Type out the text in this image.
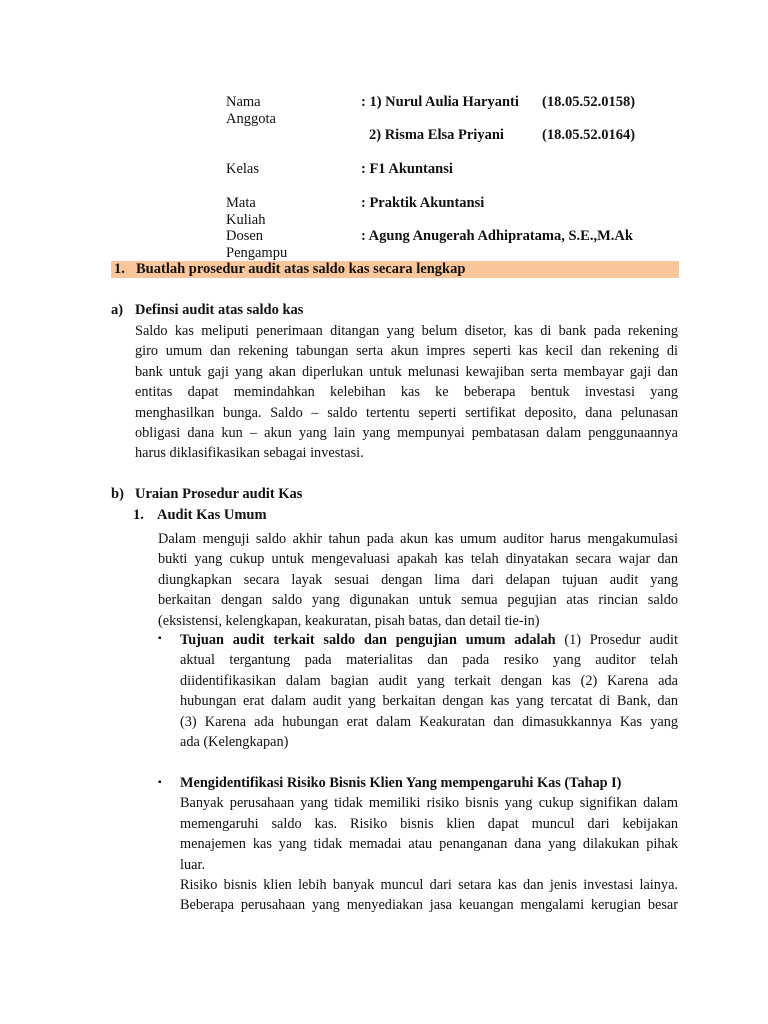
Nama Anggota
: 1) Nurul Aulia Haryanti (18.05.52.0158)
2) Risma Elsa Priyani	(18.05.52.0164)
Kelas	: F1 Akuntansi
Mata Kuliah
: Praktik Akuntansi
Dosen Pengampu
: Agung Anugerah Adhipratama, S.E.,M.Ak
1. Buatlah prosedur audit atas saldo kas secara lengkap
a) Definsi audit atas saldo kas
Saldo kas meliputi penerimaan ditangan yang belum disetor, kas di bank pada rekening
giro umum dan rekening tabungan serta akun impres seperti kas kecil dan rekening di
bank untuk gaji yang akan diperlukan untuk melunasi kewajiban serta membayar gaji dan
entitas dapat memindahkan kelebihan kas ke beberapa bentuk investasi yang
menghasilkan bunga. Saldo – saldo tertentu seperti sertifikat deposito, dana pelunasan
obligasi dana kun – akun yang lain yang mempunyai pembatasan dalam penggunaannya
harus diklasifikasikan sebagai investasi.
b) Uraian Prosedur audit Kas
1. Audit Kas Umum
Dalam menguji saldo akhir tahun pada akun kas umum auditor harus mengakumulasi
bukti yang cukup untuk mengevaluasi apakah kas telah dinyatakan secara wajar dan
diungkapkan secara layak sesuai dengan lima dari delapan tujuan audit yang
berkaitan dengan saldo yang digunakan untuk semua pegujian atas rincian saldo
(eksistensi, kelengkapan, keakuratan, pisah batas, dan detail tie-in)
▪ Tujuan audit terkait saldo dan pengujian umum adalah (1) Prosedur audit
aktual tergantung pada materialitas dan pada resiko yang auditor telah
diidentifikasikan dalam bagian audit yang terkait dengan kas (2) Karena ada
hubungan erat dalam audit yang berkaitan dengan kas yang tercatat di Bank, dan
(3) Karena ada hubungan erat dalam Keakuratan dan dimasukkannya Kas yang
ada (Kelengkapan)
▪ Mengidentifikasi Risiko Bisnis Klien Yang mempengaruhi Kas (Tahap I)
Banyak perusahaan yang tidak memiliki risiko bisnis yang cukup signifikan dalam
memengaruhi saldo kas. Risiko bisnis klien dapat muncul dari kebijakan
menajemen kas yang tidak memadai atau penanganan dana yang dilakukan pihak
luar.
Risiko bisnis klien lebih banyak muncul dari setara kas dan jenis investasi lainya.
Beberapa perusahaan yang menyediakan jasa keuangan mengalami kerugian besar
